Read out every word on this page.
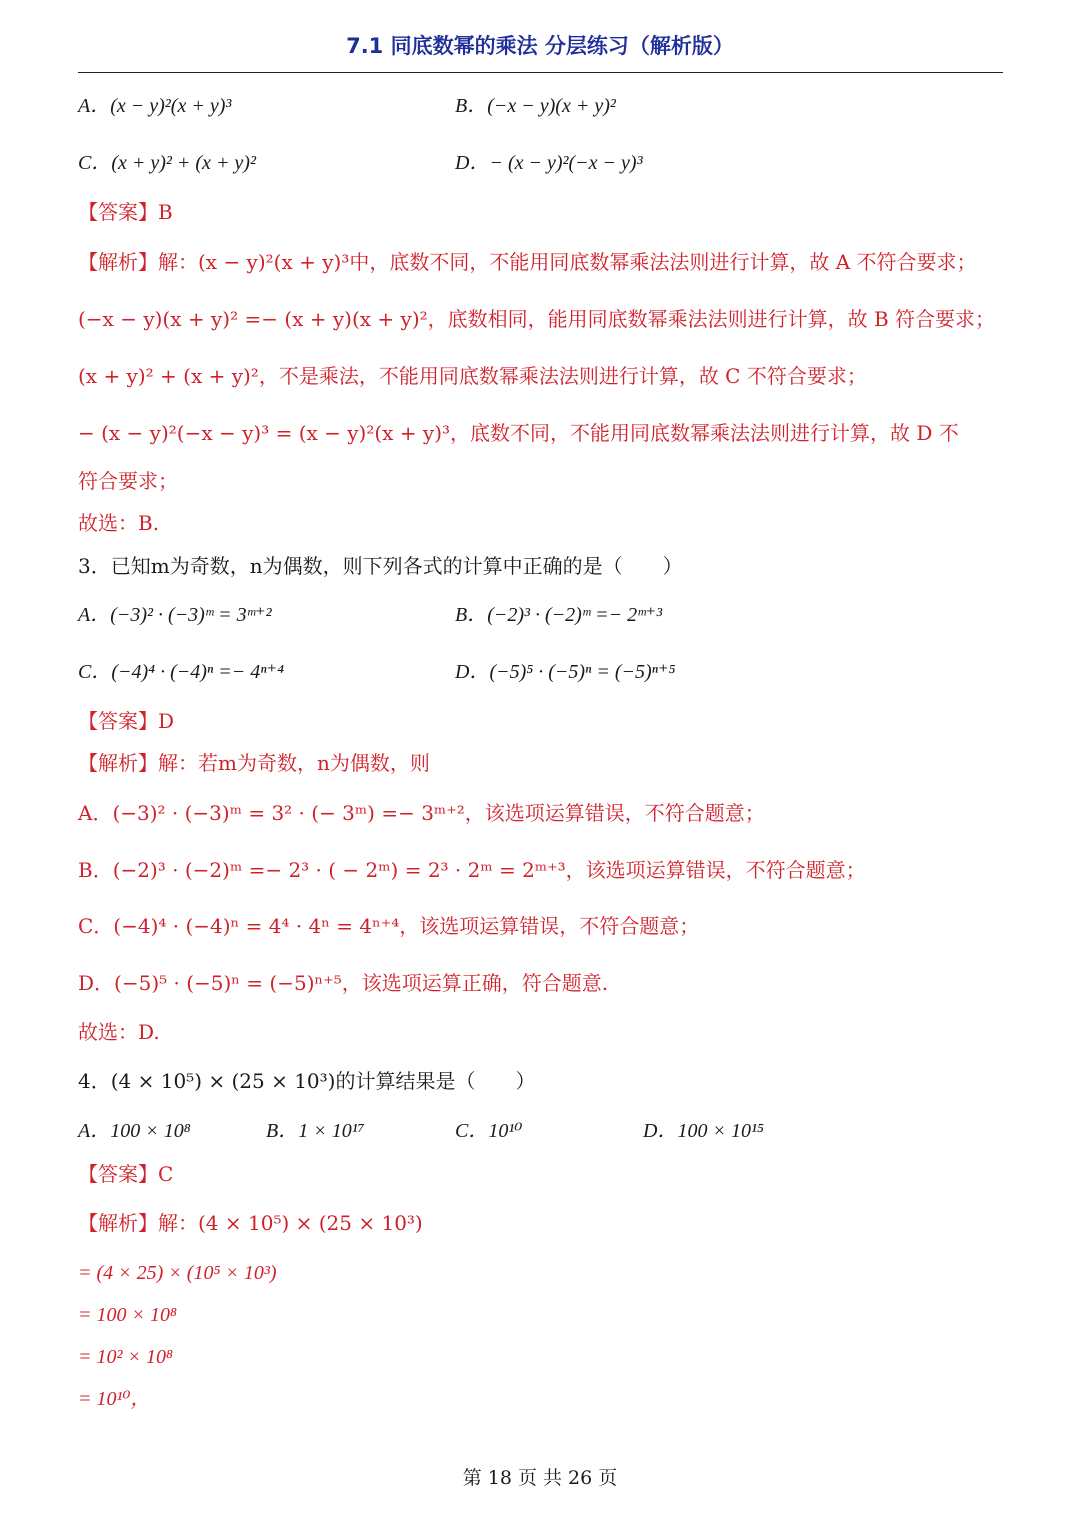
7.1 同底数幂的乘法 分层练习（解析版）
A．(x − y)²(x + y)³	B．(−x − y)(x + y)²
C．(x + y)² + (x + y)²	D．− (x − y)²(−x − y)³
【答案】B
【解析】解：(x − y)²(x + y)³中，底数不同，不能用同底数幂乘法法则进行计算，故 A 不符合要求；
(−x − y)(x + y)² =− (x + y)(x + y)²，底数相同，能用同底数幂乘法法则进行计算，故 B 符合要求；
(x + y)² + (x + y)²，不是乘法，不能用同底数幂乘法法则进行计算，故 C 不符合要求；
− (x − y)²(−x − y)³ = (x − y)²(x + y)³，底数不同，不能用同底数幂乘法法则进行计算，故 D 不
符合要求；
故选：B.
3．已知m为奇数，n为偶数，则下列各式的计算中正确的是（　　）
A．(−3)² · (−3)ᵐ = 3ᵐ⁺²	B．(−2)³ · (−2)ᵐ =− 2ᵐ⁺³
C．(−4)⁴ · (−4)ⁿ =− 4ⁿ⁺⁴	D．(−5)⁵ · (−5)ⁿ = (−5)ⁿ⁺⁵
【答案】D
【解析】解：若m为奇数，n为偶数，则
A．(−3)² · (−3)ᵐ = 3² · (− 3ᵐ) =− 3ᵐ⁺²，该选项运算错误，不符合题意；
B．(−2)³ · (−2)ᵐ =− 2³ · ( − 2ᵐ) = 2³ · 2ᵐ = 2ᵐ⁺³，该选项运算错误，不符合题意；
C．(−4)⁴ · (−4)ⁿ = 4⁴ · 4ⁿ = 4ⁿ⁺⁴，该选项运算错误，不符合题意；
D．(−5)⁵ · (−5)ⁿ = (−5)ⁿ⁺⁵，该选项运算正确，符合题意.
故选：D.
4．(4 × 10⁵) × (25 × 10³)的计算结果是（　　）
A．100 × 10⁸	B．1 × 10¹⁷	C．10¹⁰	D．100 × 10¹⁵
【答案】C
【解析】解：(4 × 10⁵) × (25 × 10³)
= (4 × 25) × (10⁵ × 10³)
= 100 × 10⁸
= 10² × 10⁸
= 10¹⁰，
第 18 页 共 26 页
